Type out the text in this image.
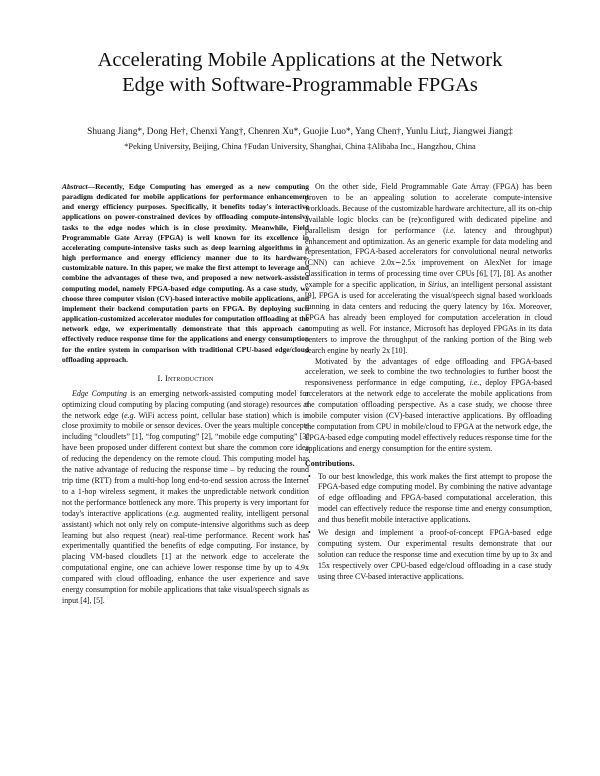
Accelerating Mobile Applications at the Network
Edge with Software-Programmable FPGAs
Shuang Jiang*, Dong He†, Chenxi Yang†, Chenren Xu*, Guojie Luo*, Yang Chen†, Yunlu Liu‡, Jiangwei Jiang‡
*Peking University, Beijing, China †Fudan University, Shanghai, China ‡Alibaba Inc., Hangzhou, China

Abstract—Recently, Edge Computing has emerged as a new computing paradigm dedicated for mobile applications for performance enhancement and energy efficiency purposes. Specifically, it benefits today's interactive applications on power-constrained devices by offloading compute-intensive tasks to the edge nodes which is in close proximity. Meanwhile, Field Programmable Gate Array (FPGA) is well known for its excellence in accelerating compute-intensive tasks such as deep learning algorithms in a high performance and energy efficiency manner due to its hardware-customizable nature. In this paper, we make the first attempt to leverage and combine the advantages of these two, and proposed a new network-assisted computing model, namely FPGA-based edge computing. As a case study, we choose three computer vision (CV)-based interactive mobile applications, and implement their backend computation parts on FPGA. By deploying such application-customized accelerator modules for computation offloading at the network edge, we experimentally demonstrate that this approach can effectively reduce response time for the applications and energy consumption for the entire system in comparison with traditional CPU-based edge/cloud offloading approach.

I. Introduction

Edge Computing is an emerging network-assisted computing model for optimizing cloud computing by placing computing (and storage) resources at the network edge (e.g. WiFi access point, cellular base station) which is in close proximity to mobile or sensor devices. Over the years multiple concepts including “cloudlets” [1], “fog computing” [2], “mobile edge computing” [3] have been proposed under different context but share the common core idea of reducing the dependency on the remote cloud. This computing model has the native advantage of reducing the response time – by reducing the round trip time (RTT) from a multi-hop long end-to-end session across the Internet to a 1-hop wireless segment, it makes the unpredictable network condition not the performance bottleneck any more. This property is very important for today's interactive applications (e.g. augmented reality, intelligent personal assistant) which not only rely on compute-intensive algorithms such as deep learning but also request (near) real-time performance. Recent work has experimentally quantified the benefits of edge computing. For instance, by placing VM-based cloudlets [1] at the network edge to accelerate the computational engine, one can achieve lower response time by up to 4.9x compared with cloud offloading, enhance the user experience and save energy consumption for mobile applications that take visual/speech signals as input [4], [5].

On the other side, Field Programmable Gate Array (FPGA) has been proven to be an appealing solution to accelerate compute-intensive workloads. Because of the customizable hardware architecture, all its on-chip available logic blocks can be (re)configured with dedicated pipeline and parallelism design for performance (i.e. latency and throughput) enhancement and optimization. As an generic example for data modeling and representation, FPGA-based accelerators for convolutional neural networks (CNN) can achieve 2.0x∼2.5x improvement on AlexNet for image classification in terms of processing time over CPUs [6], [7], [8]. As another example for a specific application, in Sirius, an intelligent personal assistant [9], FPGA is used for accelerating the visual/speech signal based workloads running in data centers and reducing the query latency by 16x. Moreover, FPGA has already been employed for computation acceleration in cloud computing as well. For instance, Microsoft has deployed FPGAs in its data centers to improve the throughput of the ranking portion of the Bing web search engine by nearly 2x [10].

Motivated by the advantages of edge offloading and FPGA-based acceleration, we seek to combine the two technologies to further boost the responsiveness performance in edge computing, i.e., deploy FPGA-based accelerators at the network edge to accelerate the mobile applications from the computation offloading perspective. As a case study, we choose three mobile computer vision (CV)-based interactive applications. By offloading the computation from CPU in mobile/cloud to FPGA at the network edge, the FPGA-based edge computing model effectively reduces response time for the applications and energy consumption for the entire system.

Contributions.
• To our best knowledge, this work makes the first attempt to propose the FPGA-based edge computing model. By combining the native advantage of edge offloading and FPGA-based computational acceleration, this model can effectively reduce the response time and energy consumption, and thus benefit mobile interactive applications.
• We design and implement a proof-of-concept FPGA-based edge computing system. Our experimental results demonstrate that our solution can reduce the response time and execution time by up to 3x and 15x respectively over CPU-based edge/cloud offloading in a case study using three CV-based interactive applications.
